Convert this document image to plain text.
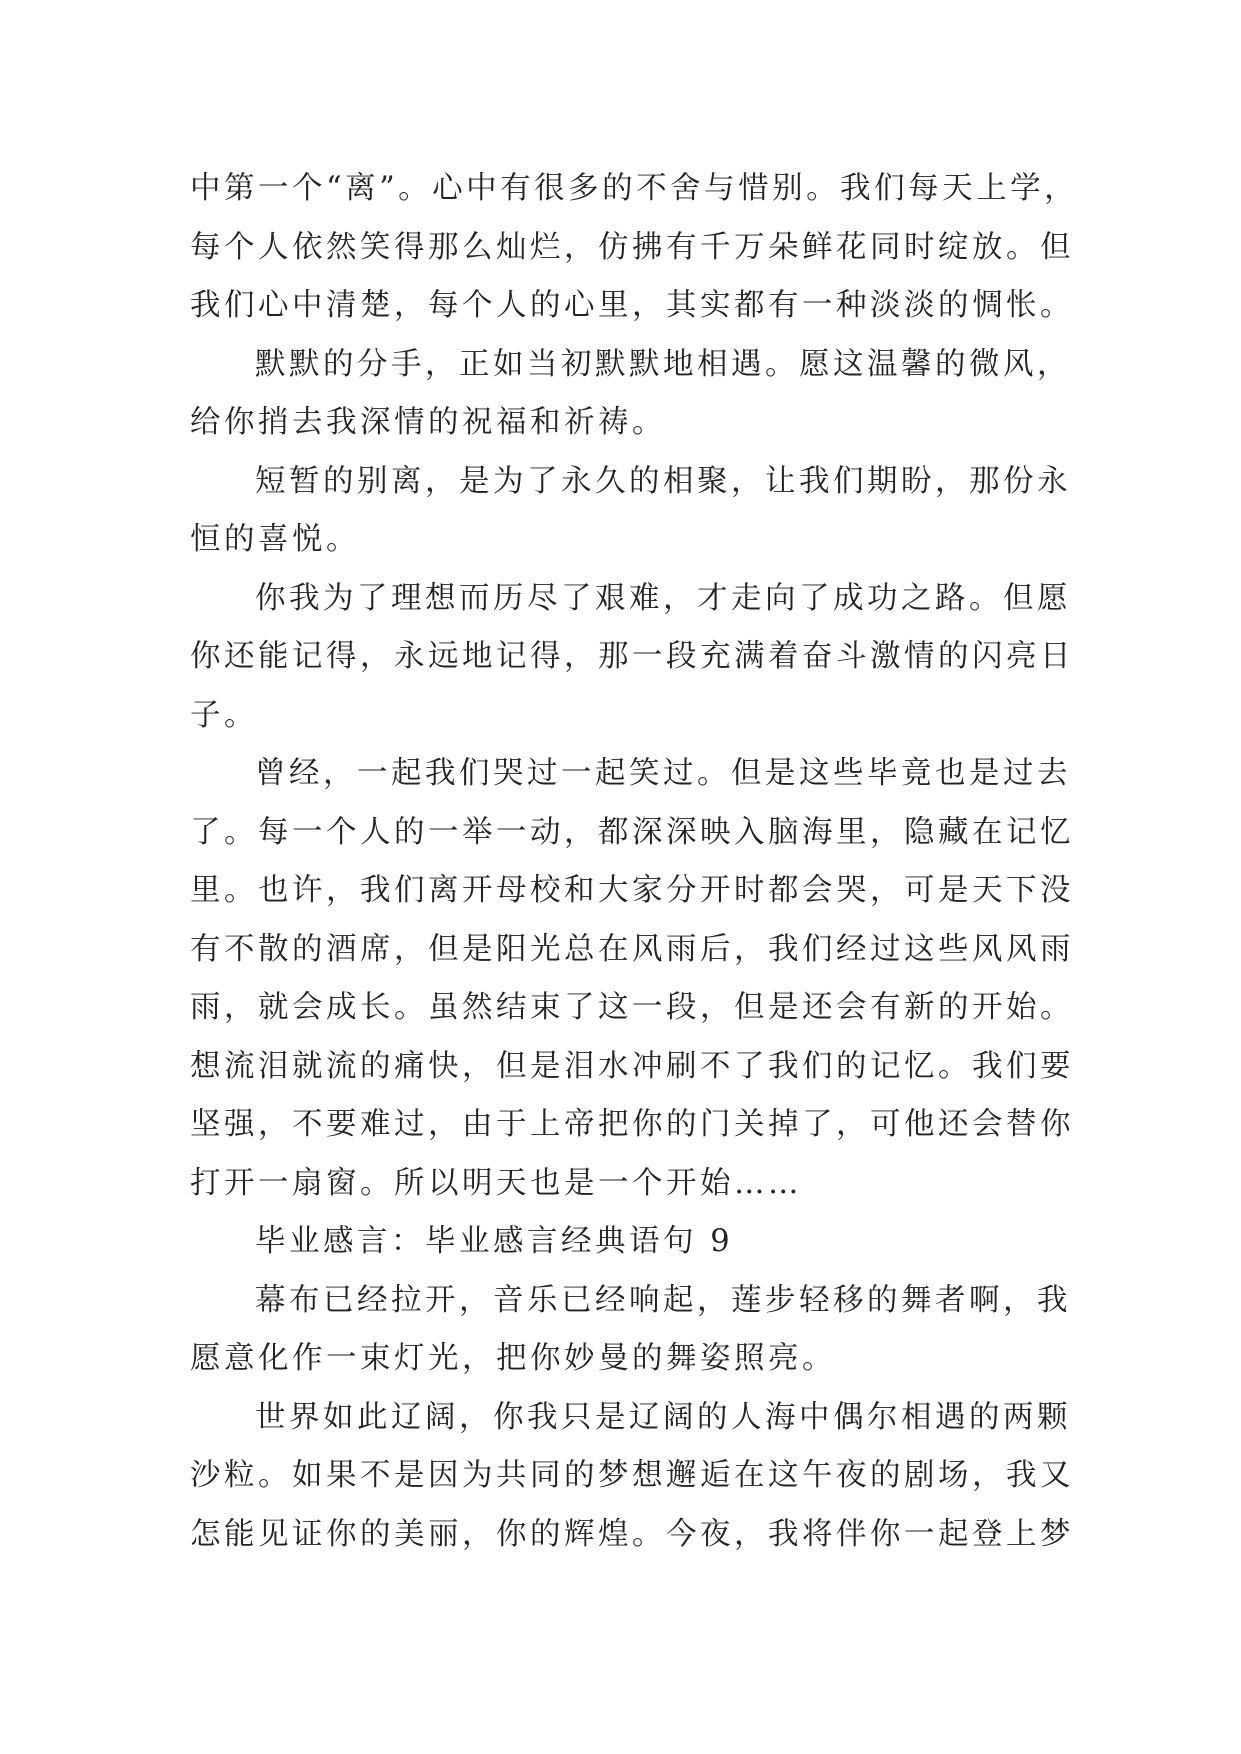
中第一个“离”。心中有很多的不舍与惜别。我们每天上学，
每个人依然笑得那么灿烂，仿拂有千万朵鲜花同时绽放。但
我们心中清楚，每个人的心里，其实都有一种淡淡的惆怅。
默默的分手，正如当初默默地相遇。愿这温馨的微风，
给你捎去我深情的祝福和祈祷。
短暂的别离，是为了永久的相聚，让我们期盼，那份永
恒的喜悦。
你我为了理想而历尽了艰难，才走向了成功之路。但愿
你还能记得，永远地记得，那一段充满着奋斗激情的闪亮日
子。
曾经，一起我们哭过一起笑过。但是这些毕竟也是过去
了。每一个人的一举一动，都深深映入脑海里，隐藏在记忆
里。也许，我们离开母校和大家分开时都会哭，可是天下没
有不散的酒席，但是阳光总在风雨后，我们经过这些风风雨
雨，就会成长。虽然结束了这一段，但是还会有新的开始。
想流泪就流的痛快，但是泪水冲刷不了我们的记忆。我们要
坚强，不要难过，由于上帝把你的门关掉了，可他还会替你
打开一扇窗。所以明天也是一个开始……
毕业感言：毕业感言经典语句 9
幕布已经拉开，音乐已经响起，莲步轻移的舞者啊，我
愿意化作一束灯光，把你妙曼的舞姿照亮。
世界如此辽阔，你我只是辽阔的人海中偶尔相遇的两颗
沙粒。如果不是因为共同的梦想邂逅在这午夜的剧场，我又
怎能见证你的美丽，你的辉煌。今夜，我将伴你一起登上梦
